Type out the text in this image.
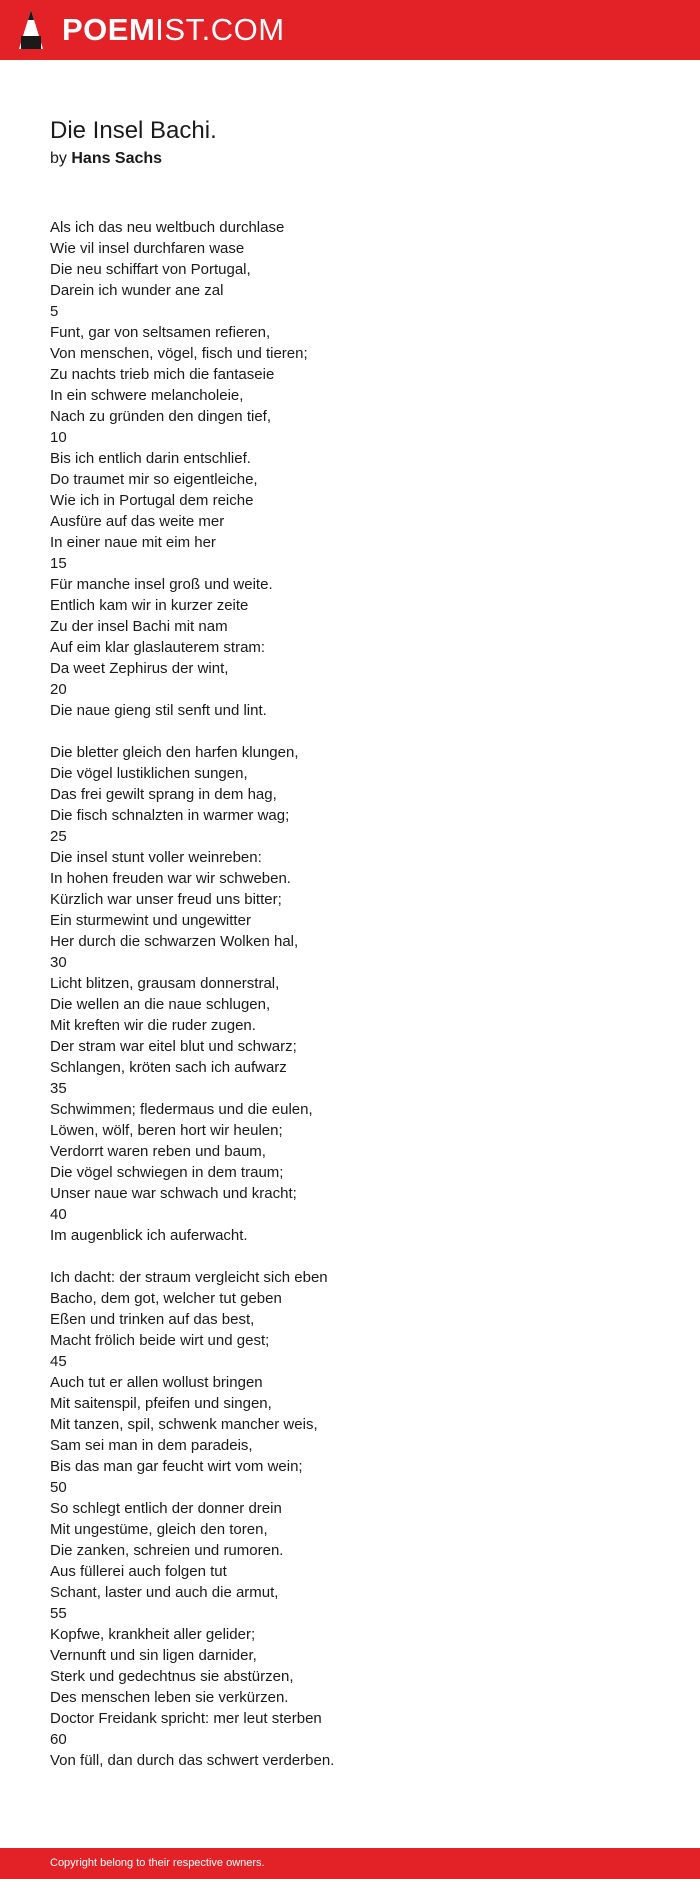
POEMIST.COM
Die Insel Bachi.
by Hans Sachs
Als ich das neu weltbuch durchlase
Wie vil insel durchfaren wase
Die neu schiffart von Portugal,
Darein ich wunder ane zal
5
Funt, gar von seltsamen refieren,
Von menschen, vögel, fisch und tieren;
Zu nachts trieb mich die fantaseie
In ein schwere melancholeie,
Nach zu gründen den dingen tief,
10
Bis ich entlich darin entschlief.
Do traumet mir so eigentleiche,
Wie ich in Portugal dem reiche
Ausfüre auf das weite mer
In einer naue mit eim her
15
Für manche insel groß und weite.
Entlich kam wir in kurzer zeite
Zu der insel Bachi mit nam
Auf eim klar glaslauterem stram:
Da weet Zephirus der wint,
20
Die naue gieng stil senft und lint.
Die bletter gleich den harfen klungen,
Die vögel lustiklichen sungen,
Das frei gewilt sprang in dem hag,
Die fisch schnalzten in warmer wag;
25
Die insel stunt voller weinreben:
In hohen freuden war wir schweben.
Kürzlich war unser freud uns bitter;
Ein sturmewint und ungewitter
Her durch die schwarzen Wolken hal,
30
Licht blitzen, grausam donnerstral,
Die wellen an die naue schlugen,
Mit kreften wir die ruder zugen.
Der stram war eitel blut und schwarz;
Schlangen, kröten sach ich aufwarz
35
Schwimmen; fledermaus und die eulen,
Löwen, wölf, beren hort wir heulen;
Verdorrt waren reben und baum,
Die vögel schwiegen in dem traum;
Unser naue war schwach und kracht;
40
Im augenblick ich auferwacht.
Ich dacht: der straum vergleicht sich eben
Bacho, dem got, welcher tut geben
Eßen und trinken auf das best,
Macht frölich beide wirt und gest;
45
Auch tut er allen wollust bringen
Mit saitenspil, pfeifen und singen,
Mit tanzen, spil, schwenk mancher weis,
Sam sei man in dem paradeis,
Bis das man gar feucht wirt vom wein;
50
So schlegt entlich der donner drein
Mit ungestüme, gleich den toren,
Die zanken, schreien und rumoren.
Aus füllerei auch folgen tut
Schant, laster und auch die armut,
55
Kopfwe, krankheit aller gelider;
Vernunft und sin ligen darnider,
Sterk und gedechtnus sie abstürzen,
Des menschen leben sie verkürzen.
Doctor Freidank spricht: mer leut sterben
60
Von füll, dan durch das schwert verderben.
Copyright belong to their respective owners.
